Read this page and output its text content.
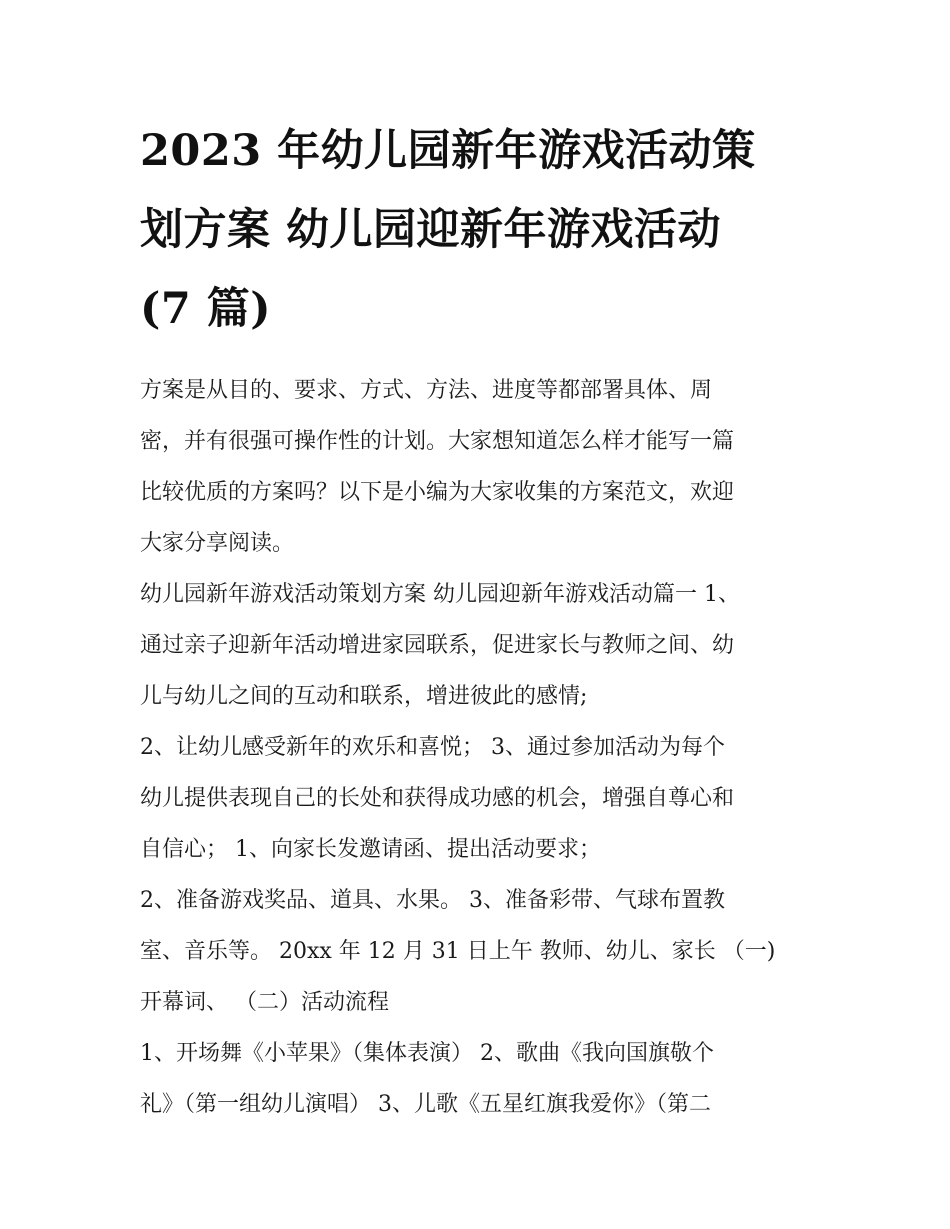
2023 年幼儿园新年游戏活动策
划方案 幼儿园迎新年游戏活动
(7 篇)

方案是从目的、要求、方式、方法、进度等都部署具体、周
密，并有很强可操作性的计划。大家想知道怎么样才能写一篇
比较优质的方案吗？以下是小编为大家收集的方案范文，欢迎
大家分享阅读。

幼儿园新年游戏活动策划方案 幼儿园迎新年游戏活动篇一 1、
通过亲子迎新年活动增进家园联系，促进家长与教师之间、幼
儿与幼儿之间的互动和联系，增进彼此的感情;

2、让幼儿感受新年的欢乐和喜悦； 3、通过参加活动为每个
幼儿提供表现自己的长处和获得成功感的机会，增强自尊心和
自信心； 1、向家长发邀请函、提出活动要求；

2、准备游戏奖品、道具、水果。 3、准备彩带、气球布置教
室、音乐等。 20xx 年 12 月 31 日上午 教师、幼儿、家长 （一)
开幕词、 （二）活动流程

1、开场舞《小苹果》（集体表演） 2、歌曲《我向国旗敬个
礼》（第一组幼儿演唱） 3、儿歌《五星红旗我爱你》（第二
